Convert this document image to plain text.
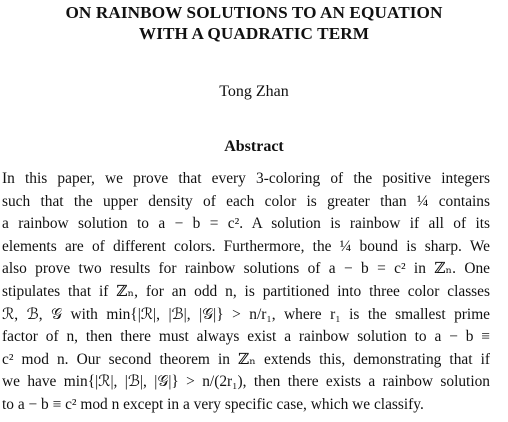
ON RAINBOW SOLUTIONS TO AN EQUATION
WITH A QUADRATIC TERM
Tong Zhan
Abstract
In this paper, we prove that every 3-coloring of the positive integers
such that the upper density of each color is greater than ¼ contains
a rainbow solution to a − b = c². A solution is rainbow if all of its
elements are of different colors. Furthermore, the ¼ bound is sharp. We
also prove two results for rainbow solutions of a − b = c² in ℤₙ. One
stipulates that if ℤₙ, for an odd n, is partitioned into three color classes
ℛ, ℬ, 𝒢 with min{|ℛ|, |ℬ|, |𝒢|} > n/r₁, where r₁ is the smallest prime
factor of n, then there must always exist a rainbow solution to a − b ≡
c² mod n. Our second theorem in ℤₙ extends this, demonstrating that if
we have min{|ℛ|, |ℬ|, |𝒢|} > n/(2r₁), then there exists a rainbow solution
to a − b ≡ c² mod n except in a very specific case, which we classify.
